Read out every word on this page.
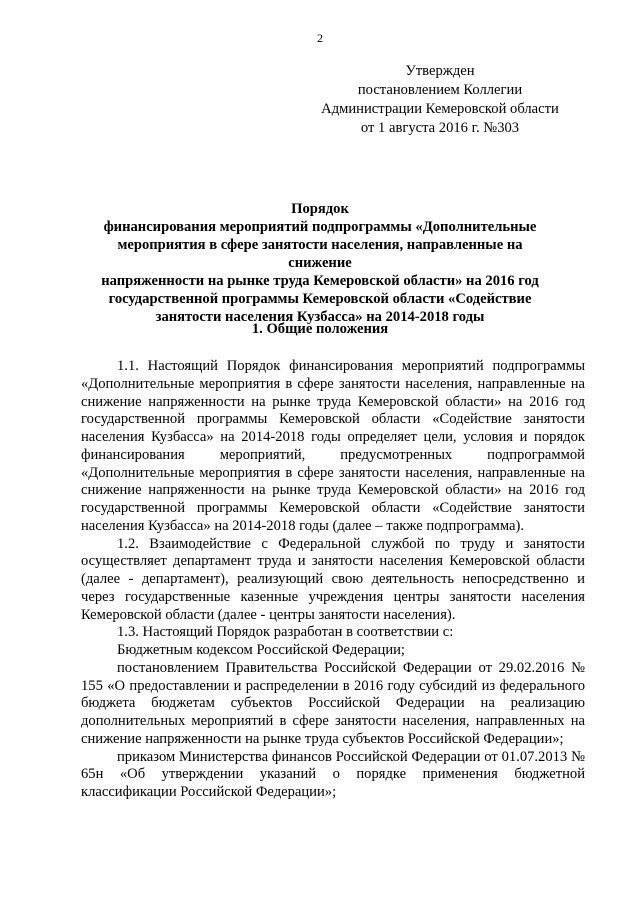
2
Утвержден
постановлением Коллегии
Администрации Кемеровской области
от 1 августа 2016 г. №303
Порядок
финансирования мероприятий подпрограммы «Дополнительные
мероприятия в сфере занятости населения, направленные на снижение
напряженности на рынке труда Кемеровской области» на 2016 год
государственной программы Кемеровской области «Содействие
занятости населения Кузбасса» на 2014-2018 годы
1. Общие положения

1.1. Настоящий Порядок финансирования мероприятий подпрограммы «Дополнительные мероприятия в сфере занятости населения, направленные на снижение напряженности на рынке труда Кемеровской области» на 2016 год государственной программы Кемеровской области «Содействие занятости населения Кузбасса» на 2014-2018 годы определяет цели, условия и порядок финансирования мероприятий, предусмотренных подпрограммой «Дополнительные мероприятия в сфере занятости населения, направленные на снижение напряженности на рынке труда Кемеровской области» на 2016 год государственной программы Кемеровской области «Содействие занятости населения Кузбасса» на 2014-2018 годы (далее – также подпрограмма).

1.2. Взаимодействие с Федеральной службой по труду и занятости осуществляет департамент труда и занятости населения Кемеровской области (далее - департамент), реализующий свою деятельность непосредственно и через государственные казенные учреждения центры занятости населения Кемеровской области (далее - центры занятости населения).

1.3. Настоящий Порядок разработан в соответствии с:

Бюджетным кодексом Российской Федерации;

постановлением Правительства Российской Федерации от 29.02.2016 № 155 «О предоставлении и распределении в 2016 году субсидий из федерального бюджета бюджетам субъектов Российской Федерации на реализацию дополнительных мероприятий в сфере занятости населения, направленных на снижение напряженности на рынке труда субъектов Российской Федерации»;

приказом Министерства финансов Российской Федерации от 01.07.2013 № 65н «Об утверждении указаний о порядке применения бюджетной классификации Российской Федерации»;
